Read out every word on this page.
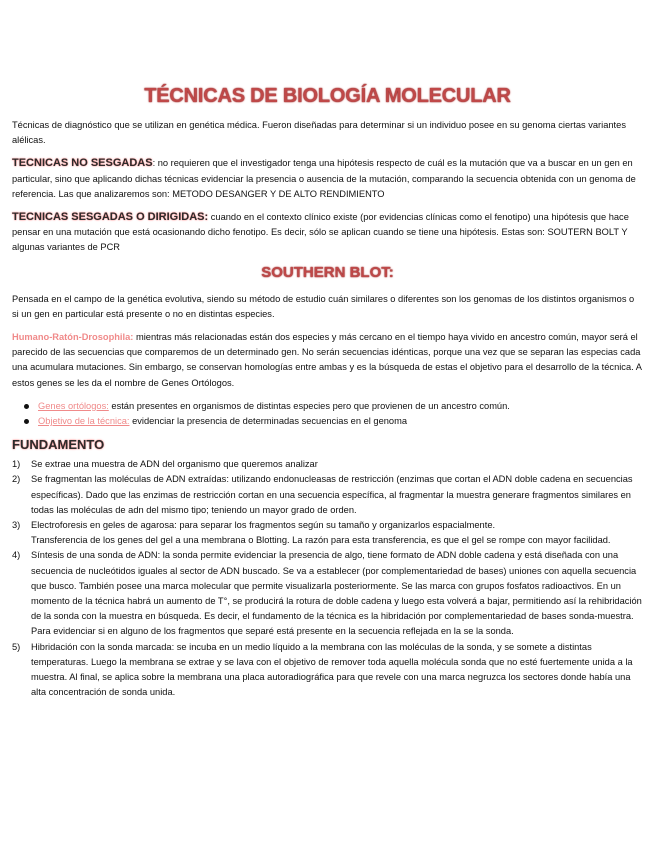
TÉCNICAS DE BIOLOGÍA MOLECULAR

Técnicas de diagnóstico que se utilizan en genética médica. Fueron diseñadas para determinar si un individuo posee en su genoma ciertas variantes alélicas.

TECNICAS NO SESGADAS: no requieren que el investigador tenga una hipótesis respecto de cuál es la mutación que va a buscar en un gen en particular, sino que aplicando dichas técnicas evidenciar la presencia o ausencia de la mutación, comparando la secuencia obtenida con un genoma de referencia. Las que analizaremos son: METODO DESANGER Y DE ALTO RENDIMIENTO

TECNICAS SESGADAS O DIRIGIDAS: cuando en el contexto clínico existe (por evidencias clínicas como el fenotipo) una hipótesis que hace pensar en una mutación que está ocasionando dicho fenotipo. Es decir, sólo se aplican cuando se tiene una hipótesis. Estas son: SOUTERN BOLT Y algunas variantes de PCR

SOUTHERN BLOT:

Pensada en el campo de la genética evolutiva, siendo su método de estudio cuán similares o diferentes son los genomas de los distintos organismos o si un gen en particular está presente o no en distintas especies.

Humano-Ratón-Drosophila: mientras más relacionadas están dos especies y más cercano en el tiempo haya vivido en ancestro común, mayor será el parecido de las secuencias que comparemos de un determinado gen. No serán secuencias idénticas, porque una vez que se separan las especias cada una acumulara mutaciones. Sin embargo, se conservan homologías entre ambas y es la búsqueda de estas el objetivo para el desarrollo de la técnica. A estos genes se les da el nombre de Genes Ortólogos.

Genes ortólogos: están presentes en organismos de distintas especies pero que provienen de un ancestro común.
Objetivo de la técnica: evidenciar la presencia de determinadas secuencias en el genoma
FUNDAMENTO
1) Se extrae una muestra de ADN del organismo que queremos analizar
2) Se fragmentan las moléculas de ADN extraídas: utilizando endonucleasas de restricción (enzimas que cortan el ADN doble cadena en secuencias específicas). Dado que las enzimas de restricción cortan en una secuencia específica, al fragmentar la muestra generare fragmentos similares en todas las moléculas de adn del mismo tipo; teniendo un mayor grado de orden.
3) Electroforesis en geles de agarosa: para separar los fragmentos según su tamaño y organizarlos espacialmente.
Transferencia de los genes del gel a una membrana o Blotting. La razón para esta transferencia, es que el gel se rompe con mayor facilidad.
4) Síntesis de una sonda de ADN: la sonda permite evidenciar la presencia de algo, tiene formato de ADN doble cadena y está diseñada con una secuencia de nucleótidos iguales al sector de ADN buscado. Se va a establecer (por complementariedad de bases) uniones con aquella secuencia que busco. También posee una marca molecular que permite visualizarla posteriormente. Se las marca con grupos fosfatos radioactivos. En un momento de la técnica habrá un aumento de T°, se producirá la rotura de doble cadena y luego esta volverá a bajar, permitiendo así la rehibridación de la sonda con la muestra en búsqueda. Es decir, el fundamento de la técnica es la hibridación por complementariedad de bases sonda-muestra. Para evidenciar si en alguno de los fragmentos que separé está presente en la secuencia reflejada en la se la sonda.
5) Hibridación con la sonda marcada: se incuba en un medio líquido a la membrana con las moléculas de la sonda, y se somete a distintas temperaturas. Luego la membrana se extrae y se lava con el objetivo de remover toda aquella molécula sonda que no esté fuertemente unida a la muestra. Al final, se aplica sobre la membrana una placa autoradiográfica para que revele con una marca negruzca los sectores donde había una alta concentración de sonda unida.
